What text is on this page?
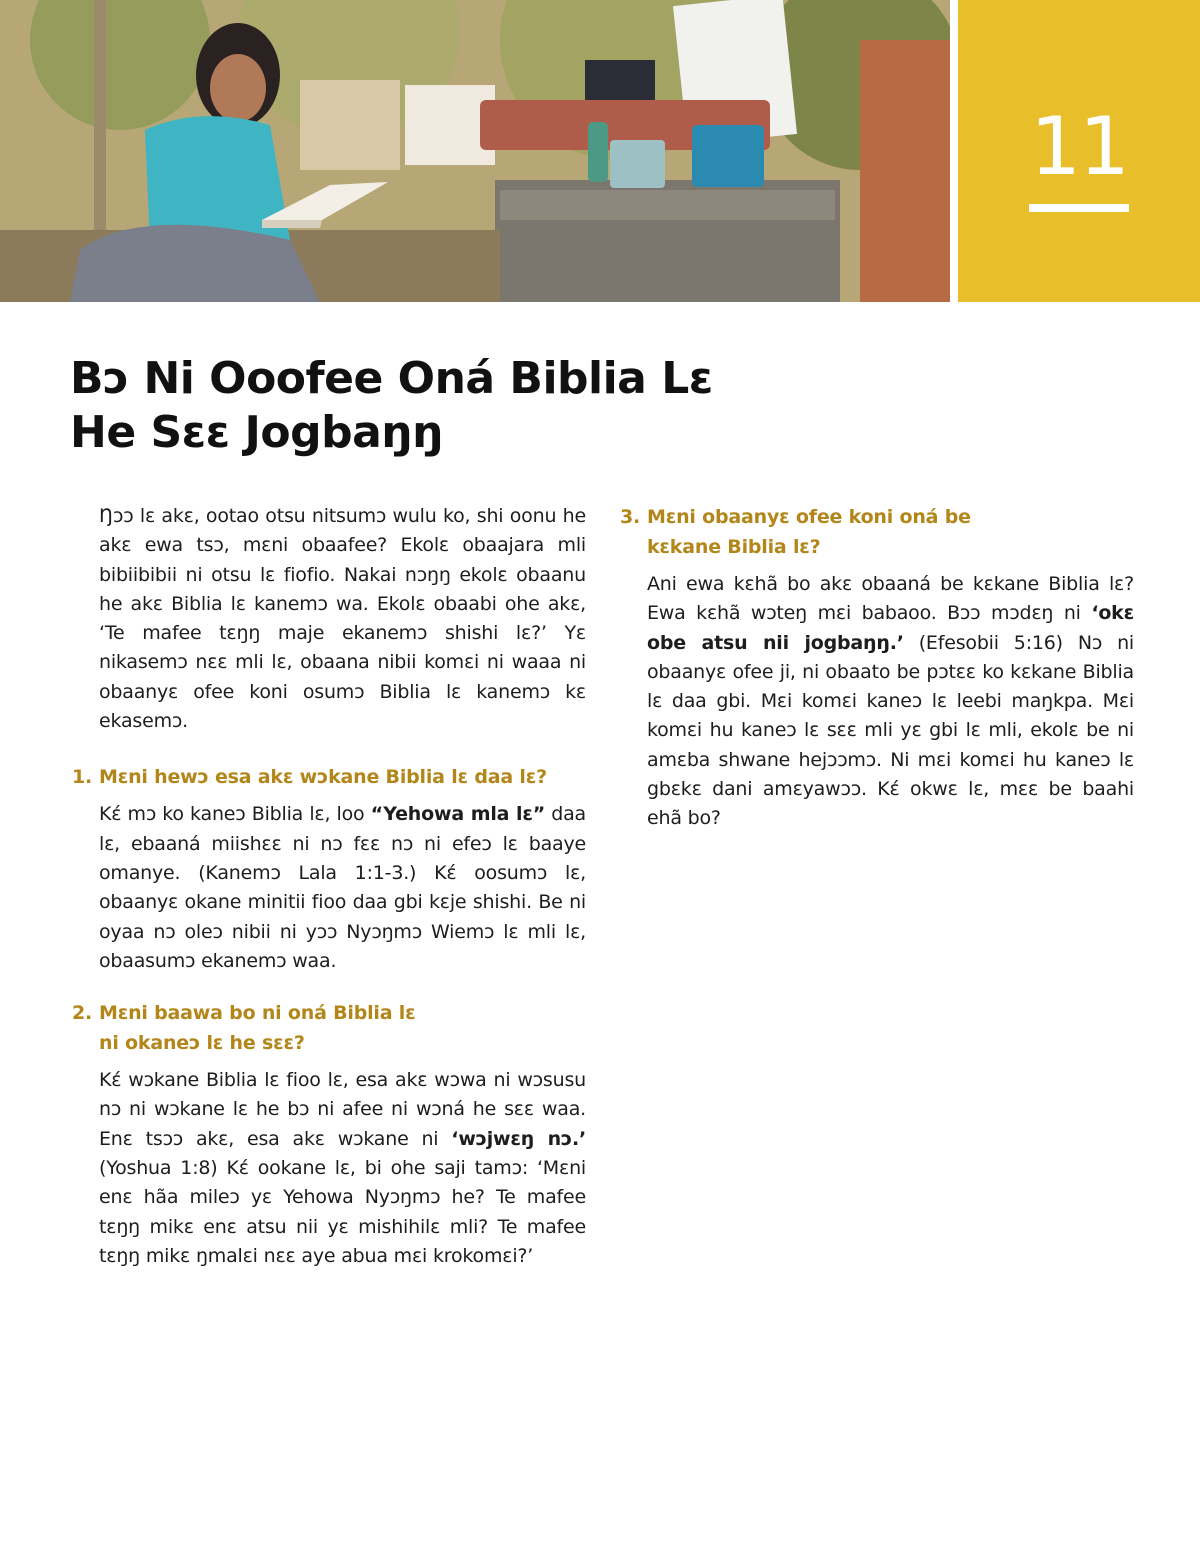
11
Bɔ Ni Ooofee Oná Biblia Lɛ
He Sɛɛ Jogbaŋŋ

Ŋɔɔ lɛ akɛ, ootao otsu nitsumɔ wulu ko, shi oonu he akɛ ewa tsɔ, mɛni obaafee? Ekolɛ obaajara mli bibiibibii ni otsu lɛ fiofio. Nakai nɔŋŋ ekolɛ obaanu he akɛ Biblia lɛ kanemɔ wa. Ekolɛ obaabi ohe akɛ, ‘Te mafee tɛŋŋ maje ekanemɔ shishi lɛ?’ Yɛ nikasemɔ nɛɛ mli lɛ, obaana nibii komɛi ni waaa ni obaanyɛ ofee koni osumɔ Biblia lɛ kanemɔ kɛ ekasemɔ.

1. Mɛni hewɔ esa akɛ wɔkane Biblia lɛ daa lɛ?

Kɛ́ mɔ ko kaneɔ Biblia lɛ, loo “Yehowa mla lɛ” daa lɛ, ebaaná miishɛɛ ni nɔ fɛɛ nɔ ni efeɔ lɛ baaye omanye. (Kanemɔ Lala 1:1-3.) Kɛ́ oosumɔ lɛ, obaanyɛ okane minitii fioo daa gbi kɛje shishi. Be ni oyaa nɔ oleɔ nibii ni yɔɔ Nyɔŋmɔ Wiemɔ lɛ mli lɛ, obaasumɔ ekanemɔ waa.

2. Mɛni baawa bo ni oná Biblia lɛ
ni okaneɔ lɛ he sɛɛ?

Kɛ́ wɔkane Biblia lɛ fioo lɛ, esa akɛ wɔwa ni wɔsusu nɔ ni wɔkane lɛ he bɔ ni afee ni wɔná he sɛɛ waa. Enɛ tsɔɔ akɛ, esa akɛ wɔkane ni ‘wɔjwɛŋ nɔ.’ (Yoshua 1:8) Kɛ́ ookane lɛ, bi ohe saji tamɔ: ‘Mɛni enɛ hãa mileɔ yɛ Yehowa Nyɔŋmɔ he? Te mafee tɛŋŋ mikɛ enɛ atsu nii yɛ mishihilɛ mli? Te mafee tɛŋŋ mikɛ ŋmalɛi nɛɛ aye abua mɛi krokomɛi?’

3. Mɛni obaanyɛ ofee koni oná be
kɛkane Biblia lɛ?

Ani ewa kɛhã bo akɛ obaaná be kɛkane Biblia lɛ? Ewa kɛhã wɔteŋ mɛi babaoo. Bɔɔ mɔdɛŋ ni ‘okɛ obe atsu nii jogbaŋŋ.’ (Efesobii 5:16) Nɔ ni obaanyɛ ofee ji, ni obaato be pɔtɛɛ ko kɛkane Biblia lɛ daa gbi. Mɛi komɛi kaneɔ lɛ leebi maŋkpa. Mɛi komɛi hu kaneɔ lɛ sɛɛ mli yɛ gbi lɛ mli, ekolɛ be ni amɛba shwane hejɔɔmɔ. Ni mɛi komɛi hu kaneɔ lɛ gbɛkɛ dani amɛyawɔɔ. Kɛ́ okwɛ lɛ, mɛɛ be baahi ehã bo?
